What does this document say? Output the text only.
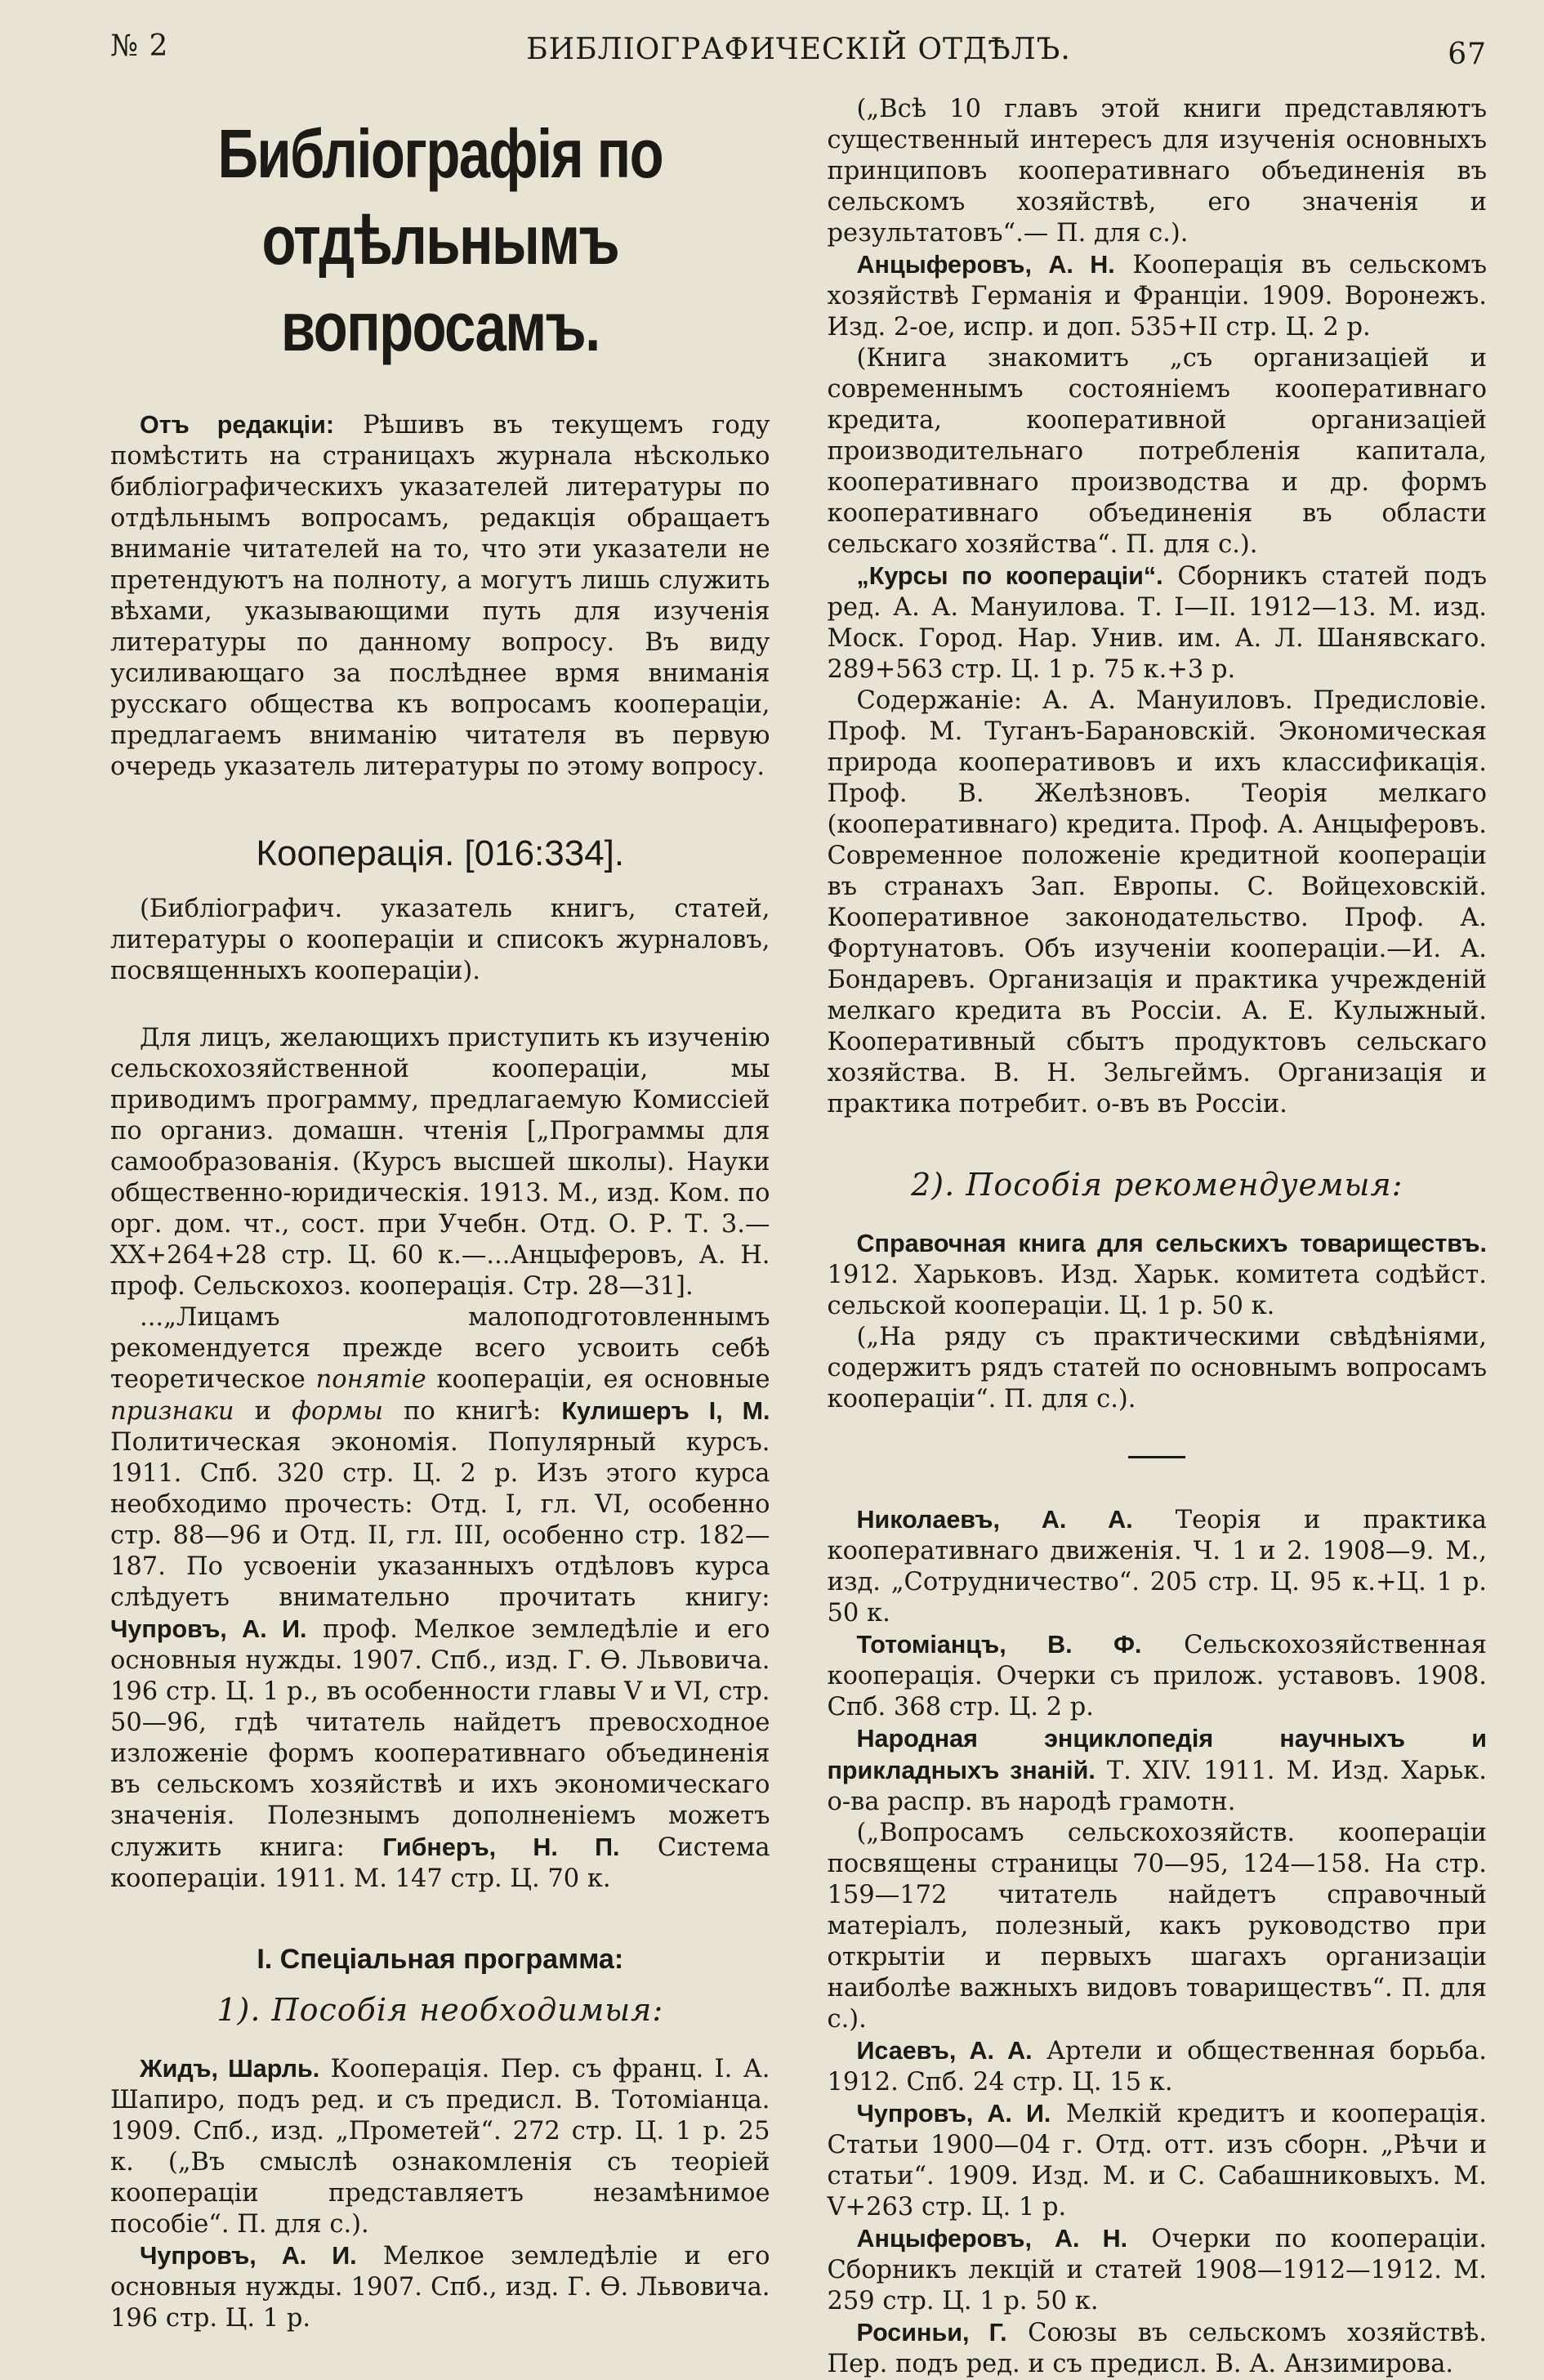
№ 2	БИБЛІОГРАФИЧЕСКІЙ ОТДѢЛЪ.	67
Библіографія по отдѣльнымъ вопросамъ.

Отъ редакціи: Рѣшивъ въ текущемъ году помѣстить на страницахъ журнала нѣсколько библіографическихъ указателей литературы по отдѣльнымъ вопросамъ, редакція обращаетъ вниманіе читателей на то, что эти указатели не претендуютъ на полноту, а могутъ лишь служить вѣхами, указывающими путь для изученія литературы по данному вопросу. Въ виду усиливающаго за послѣднее врмя вниманія русскаго общества къ вопросамъ коопераціи, предлагаемъ вниманію читателя въ первую очередь указатель литературы по этому вопросу.

Кооперація. [016:334].

(Библіографич. указатель книгъ, статей, литературы о коопераціи и списокъ журналовъ, посвященныхъ коопераціи).

Для лицъ, желающихъ приступить къ изученію сельскохозяйственной коопераціи, мы приводимъ программу, предлагаемую Комиссіей по организ. домашн. чтенія [„Программы для самообразованія. (Курсъ высшей школы). Науки общественно-юридическія. 1913. М., изд. Ком. по орг. дом. чт., сост. при Учебн. Отд. О. Р. Т. 3.—XX+264+28 стр. Ц. 60 к.—...Анцыферовъ, А. Н. проф. Сельскохоз. кооперація. Стр. 28—31].

...„Лицамъ малоподготовленнымъ рекомендуется прежде всего усвоить себѣ теоретическое понятіе коопераціи, ея основные признаки и формы по книгѣ: Кулишеръ І, М. Политическая экономія. Популярный курсъ. 1911. Спб. 320 стр. Ц. 2 р. Изъ этого курса необходимо прочесть: Отд. I, гл. VI, особенно стр. 88—96 и Отд. II, гл. III, особенно стр. 182—187. По усвоеніи указанныхъ отдѣловъ курса слѣдуетъ внимательно прочитать книгу: Чупровъ, А. И. проф. Мелкое земледѣліе и его основныя нужды. 1907. Спб., изд. Г. Ѳ. Львовича. 196 стр. Ц. 1 р., въ особенности главы V и VI, стр. 50—96, гдѣ читатель найдетъ превосходное изложеніе формъ кооперативнаго объединенія въ сельскомъ хозяйствѣ и ихъ экономическаго значенія. Полезнымъ дополненіемъ можетъ служить книга: Гибнеръ, Н. П. Система коопераціи. 1911. М. 147 стр. Ц. 70 к.

I. Спеціальная программа:
1). Пособія необходимыя:

Жидъ, Шарль. Кооперація. Пер. съ франц. І. А. Шапиро, подъ ред. и съ предисл. В. Тотоміанца. 1909. Спб., изд. „Прометей“. 272 стр. Ц. 1 р. 25 к. („Въ смыслѣ ознакомленія съ теоріей коопераціи представляетъ незамѣнимое пособіе“. П. для с.).

Чупровъ, А. И. Мелкое земледѣліе и его основныя нужды. 1907. Спб., изд. Г. Ѳ. Львовича. 196 стр. Ц. 1 р.

(„Всѣ 10 главъ этой книги представляютъ существенный интересъ для изученія основныхъ принциповъ кооперативнаго объединенія въ сельскомъ хозяйствѣ, его значенія и результатовъ“.— П. для с.).

Анцыферовъ, А. Н. Кооперація въ сельскомъ хозяйствѣ Германія и Франціи. 1909. Воронежъ. Изд. 2-ое, испр. и доп. 535+II стр. Ц. 2 р.

(Книга знакомитъ „съ организаціей и современнымъ состояніемъ кооперативнаго кредита, кооперативной организаціей производительнаго потребленія капитала, кооперативнаго производства и др. формъ кооперативнаго объединенія въ области сельскаго хозяйства“. П. для с.).

„Курсы по коопераціи“. Сборникъ статей подъ ред. А. А. Мануилова. Т. I—II. 1912—13. М. изд. Моск. Город. Нар. Унив. им. А. Л. Шанявскаго. 289+563 стр. Ц. 1 р. 75 к.+3 р.

Содержаніе: А. А. Мануиловъ. Предисловіе. Проф. М. Туганъ-Барановскій. Экономическая природа кооперативовъ и ихъ классификація. Проф. В. Желѣзновъ. Теорія мелкаго (кооперативнаго) кредита. Проф. А. Анцыферовъ. Современное положеніе кредитной коопераціи въ странахъ Зап. Европы. С. Войцеховскій. Кооперативное законодательство. Проф. А. Фортунатовъ. Объ изученіи коопераціи.—И. А. Бондаревъ. Организація и практика учрежденій мелкаго кредита въ Россіи. А. Е. Кулыжный. Кооперативный сбытъ продуктовъ сельскаго хозяйства. В. Н. Зельгеймъ. Организація и практика потребит. о-въ въ Россіи.

2). Пособія рекомендуемыя:

Справочная книга для сельскихъ товариществъ. 1912. Харьковъ. Изд. Харьк. комитета содѣйст. сельской коопераціи. Ц. 1 р. 50 к.

(„На ряду съ практическими свѣдѣніями, содержитъ рядъ статей по основнымъ вопросамъ коопераціи“. П. для с.).

Николаевъ, А. А. Теорія и практика кооперативнаго движенія. Ч. 1 и 2. 1908—9. М., изд. „Сотрудничество“. 205 стр. Ц. 95 к.+Ц. 1 р. 50 к.

Тотоміанцъ, В. Ф. Сельскохозяйственная кооперація. Очерки съ прилож. уставовъ. 1908. Спб. 368 стр. Ц. 2 р.

Народная энциклопедія научныхъ и прикладныхъ знаній. Т. XIV. 1911. М. Изд. Харьк. о-ва распр. въ народѣ грамотн.

(„Вопросамъ сельскохозяйств. коопераціи посвящены страницы 70—95, 124—158. На стр. 159—172 читатель найдетъ справочный матеріалъ, полезный, какъ руководство при открытіи и первыхъ шагахъ организаціи наиболѣе важныхъ видовъ товариществъ“. П. для с.).

Исаевъ, А. А. Артели и общественная борьба. 1912. Спб. 24 стр. Ц. 15 к.

Чупровъ, А. И. Мелкій кредитъ и кооперація. Статьи 1900—04 г. Отд. отт. изъ сборн. „Рѣчи и статьи“. 1909. Изд. М. и С. Сабашниковыхъ. М. V+263 стр. Ц. 1 р.

Анцыферовъ, А. Н. Очерки по коопераціи. Сборникъ лекцій и статей 1908—1912—1912. М. 259 стр. Ц. 1 р. 50 к.

Росиньи, Г. Союзы въ сельскомъ хозяйствѣ. Пер. подъ ред. и съ предисл. В. А. Анзимирова.
